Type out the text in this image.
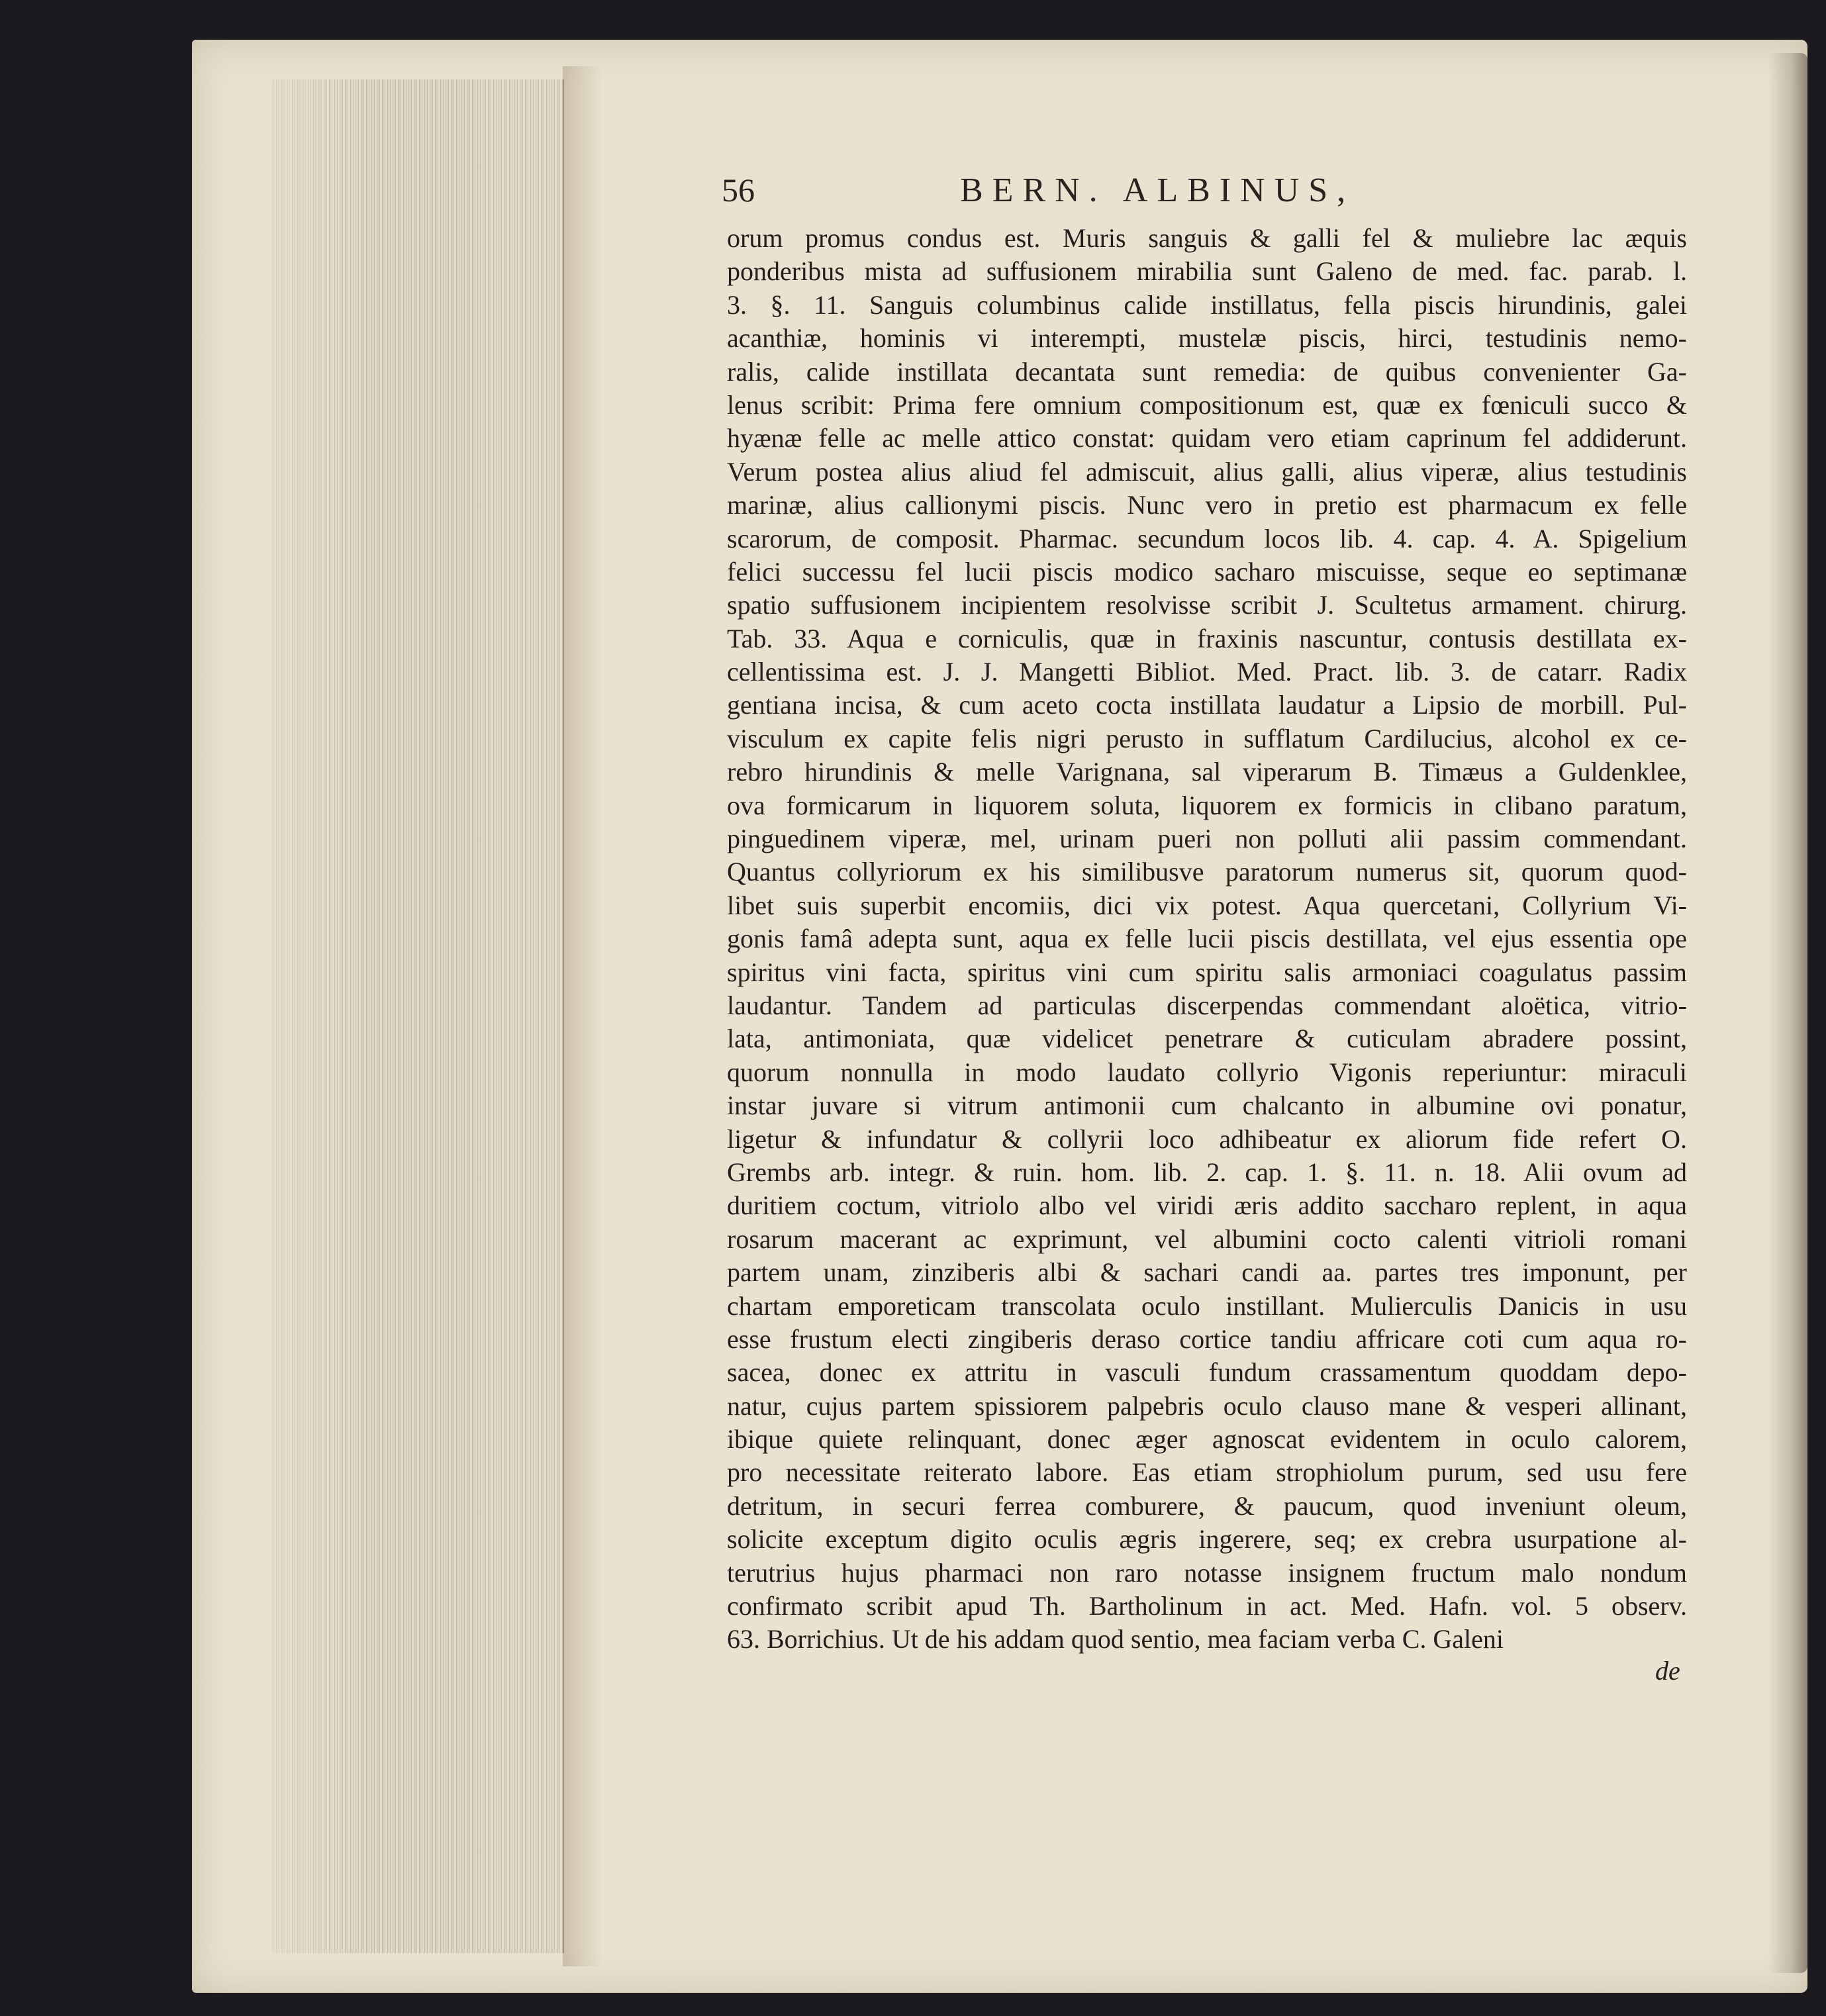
56	BERN. ALBINUS,
orum promus condus est. Muris sanguis & galli fel & muliebre lac æquis
ponderibus mista ad suffusionem mirabilia sunt Galeno de med. fac. parab. l.
3. §. 11. Sanguis columbinus calide instillatus, fella piscis hirundinis, galei
acanthiæ, hominis vi interempti, mustelæ piscis, hirci, testudinis nemo-
ralis, calide instillata decantata sunt remedia: de quibus convenienter Ga-
lenus scribit: Prima fere omnium compositionum est, quæ ex fœniculi succo &
hyænæ felle ac melle attico constat: quidam vero etiam caprinum fel addiderunt.
Verum postea alius aliud fel admiscuit, alius galli, alius viperæ, alius testudinis
marinæ, alius callionymi piscis. Nunc vero in pretio est pharmacum ex felle
scarorum, de composit. Pharmac. secundum locos lib. 4. cap. 4. A. Spigelium
felici successu fel lucii piscis modico sacharo miscuisse, seque eo septimanæ
spatio suffusionem incipientem resolvisse scribit J. Scultetus armament. chirurg.
Tab. 33. Aqua e corniculis, quæ in fraxinis nascuntur, contusis destillata ex-
cellentissima est. J. J. Mangetti Bibliot. Med. Pract. lib. 3. de catarr. Radix
gentiana incisa, & cum aceto cocta instillata laudatur a Lipsio de morbill. Pul-
visculum ex capite felis nigri perusto in sufflatum Cardilucius, alcohol ex ce-
rebro hirundinis & melle Varignana, sal viperarum B. Timæus a Guldenklee,
ova formicarum in liquorem soluta, liquorem ex formicis in clibano paratum,
pinguedinem viperæ, mel, urinam pueri non polluti alii passim commendant.
Quantus collyriorum ex his similibusve paratorum numerus sit, quorum quod-
libet suis superbit encomiis, dici vix potest. Aqua quercetani, Collyrium Vi-
gonis famâ adepta sunt, aqua ex felle lucii piscis destillata, vel ejus essentia ope
spiritus vini facta, spiritus vini cum spiritu salis armoniaci coagulatus passim
laudantur. Tandem ad particulas discerpendas commendant aloëtica, vitrio-
lata, antimoniata, quæ videlicet penetrare & cuticulam abradere possint,
quorum nonnulla in modo laudato collyrio Vigonis reperiuntur: miraculi
instar juvare si vitrum antimonii cum chalcanto in albumine ovi ponatur,
ligetur & infundatur & collyrii loco adhibeatur ex aliorum fide refert O.
Grembs arb. integr. & ruin. hom. lib. 2. cap. 1. §. 11. n. 18. Alii ovum ad
duritiem coctum, vitriolo albo vel viridi æris addito saccharo replent, in aqua
rosarum macerant ac exprimunt, vel albumini cocto calenti vitrioli romani
partem unam, zinziberis albi & sachari candi aa. partes tres imponunt, per
chartam emporeticam transcolata oculo instillant. Mulierculis Danicis in usu
esse frustum electi zingiberis deraso cortice tandiu affricare coti cum aqua ro-
sacea, donec ex attritu in vasculi fundum crassamentum quoddam depo-
natur, cujus partem spissiorem palpebris oculo clauso mane & vesperi allinant,
ibique quiete relinquant, donec æger agnoscat evidentem in oculo calorem,
pro necessitate reiterato labore. Eas etiam strophiolum purum, sed usu fere
detritum, in securi ferrea comburere, & paucum, quod inveniunt oleum,
solicite exceptum digito oculis ægris ingerere, seq; ex crebra usurpatione al-
terutrius hujus pharmaci non raro notasse insignem fructum malo nondum
confirmato scribit apud Th. Bartholinum in act. Med. Hafn. vol. 5 observ.
63. Borrichius. Ut de his addam quod sentio, mea faciam verba C. Galeni
de
